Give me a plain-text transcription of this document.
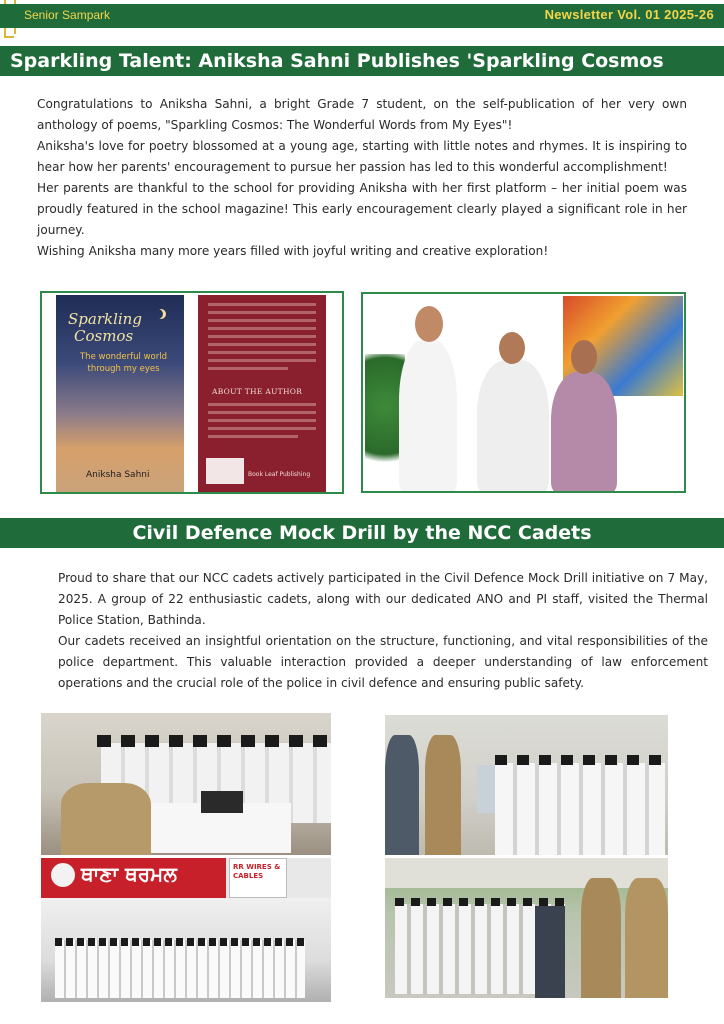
Senior Sampark	Newsletter Vol. 01 2025-26
Sparkling Talent: Aniksha Sahni Publishes 'Sparkling Cosmos

Congratulations to Aniksha Sahni, a bright Grade 7 student, on the self-publication of her very own anthology of poems, "Sparkling Cosmos: The Wonderful Words from My Eyes"!

Aniksha's love for poetry blossomed at a young age, starting with little notes and rhymes. It is inspiring to hear how her parents' encouragement to pursue her passion has led to this wonderful accomplishment!

Her parents are thankful to the school for providing Aniksha with her first platform – her initial poem was proudly featured in the school magazine! This early encouragement clearly played a significant role in her journey.

Wishing Aniksha many more years filled with joyful writing and creative exploration!

Sparkling
Cosmos
The wonderful world through my eyes
Aniksha Sahni
ABOUT THE AUTHOR
Book Leaf Publishing
Civil Defence Mock Drill by the NCC Cadets

Proud to share that our NCC cadets actively participated in the Civil Defence Mock Drill initiative on 7 May, 2025. A group of 22 enthusiastic cadets, along with our dedicated ANO and PI staff, visited the Thermal Police Station, Bathinda.

Our cadets received an insightful orientation on the structure, functioning, and vital responsibilities of the police department. This valuable interaction provided a deeper understanding of law enforcement operations and the crucial role of the police in civil defence and ensuring public safety.

ਥਾਣਾ ਥਰਮਲ	RR WIRES & CABLES
